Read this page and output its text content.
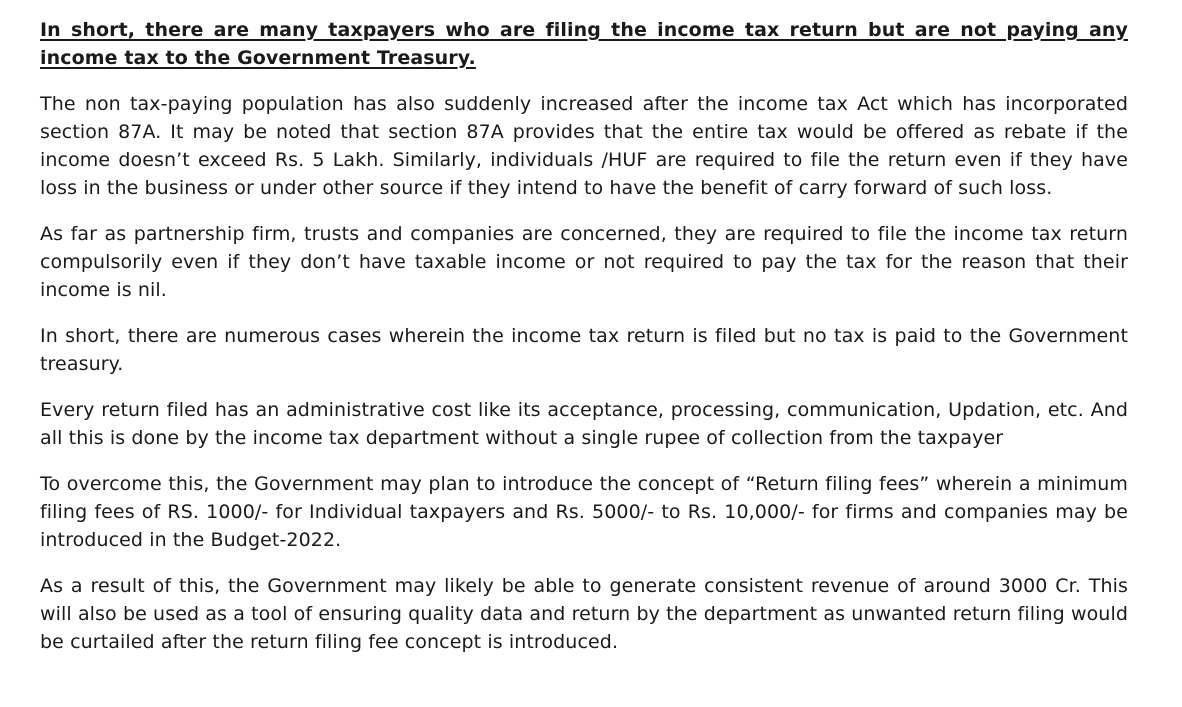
In short, there are many taxpayers who are filing the income tax return but are not paying any income tax to the Government Treasury.

The non tax-paying population has also suddenly increased after the income tax Act which has incorporated section 87A. It may be noted that section 87A provides that the entire tax would be offered as rebate if the income doesn’t exceed Rs. 5 Lakh. Similarly, individuals /HUF are required to file the return even if they have loss in the business or under other source if they intend to have the benefit of carry forward of such loss.

As far as partnership firm, trusts and companies are concerned, they are required to file the income tax return compulsorily even if they don’t have taxable income or not required to pay the tax for the reason that their income is nil.

In short, there are numerous cases wherein the income tax return is filed but no tax is paid to the Government treasury.

Every return filed has an administrative cost like its acceptance, processing, communication, Updation, etc. And all this is done by the income tax department without a single rupee of collection from the taxpayer

To overcome this, the Government may plan to introduce the concept of “Return filing fees” wherein a minimum filing fees of RS. 1000/- for Individual taxpayers and Rs. 5000/- to Rs. 10,000/- for firms and companies may be introduced in the Budget-2022.

As a result of this, the Government may likely be able to generate consistent revenue of around 3000 Cr. This will also be used as a tool of ensuring quality data and return by the department as unwanted return filing would be curtailed after the return filing fee concept is introduced.
